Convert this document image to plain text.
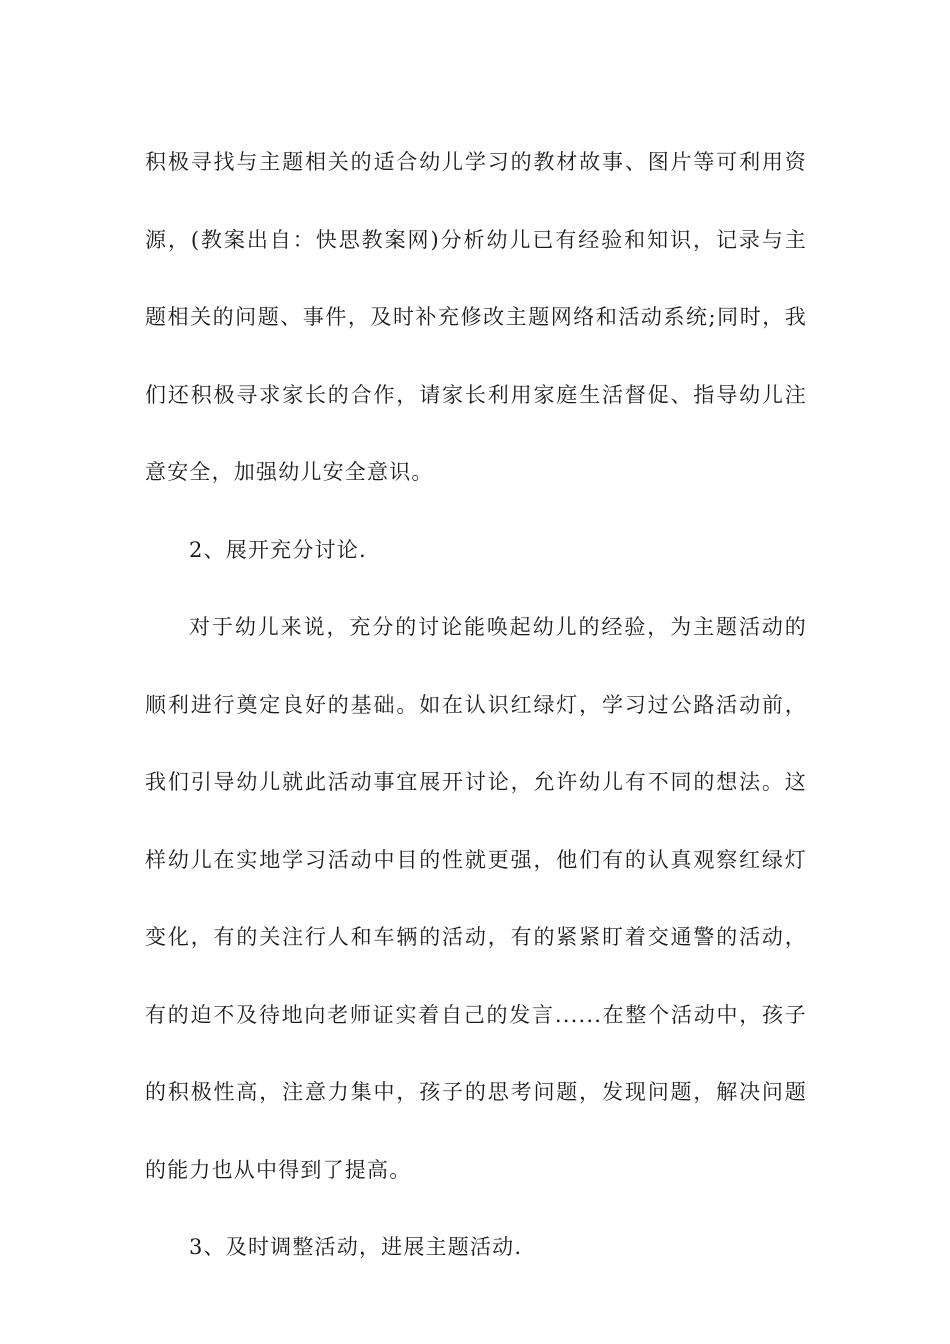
积极寻找与主题相关的适合幼儿学习的教材故事、图片等可利用资源，(教案出自：快思教案网)分析幼儿已有经验和知识，记录与主题相关的问题、事件，及时补充修改主题网络和活动系统;同时，我们还积极寻求家长的合作，请家长利用家庭生活督促、指导幼儿注意安全，加强幼儿安全意识。

2、展开充分讨论.

对于幼儿来说，充分的讨论能唤起幼儿的经验，为主题活动的顺利进行奠定良好的基础。如在认识红绿灯，学习过公路活动前，我们引导幼儿就此活动事宜展开讨论，允许幼儿有不同的想法。这样幼儿在实地学习活动中目的性就更强，他们有的认真观察红绿灯变化，有的关注行人和车辆的活动，有的紧紧盯着交通警的活动，有的迫不及待地向老师证实着自己的发言......在整个活动中，孩子的积极性高，注意力集中，孩子的思考问题，发现问题，解决问题的能力也从中得到了提高。

3、及时调整活动，进展主题活动.
